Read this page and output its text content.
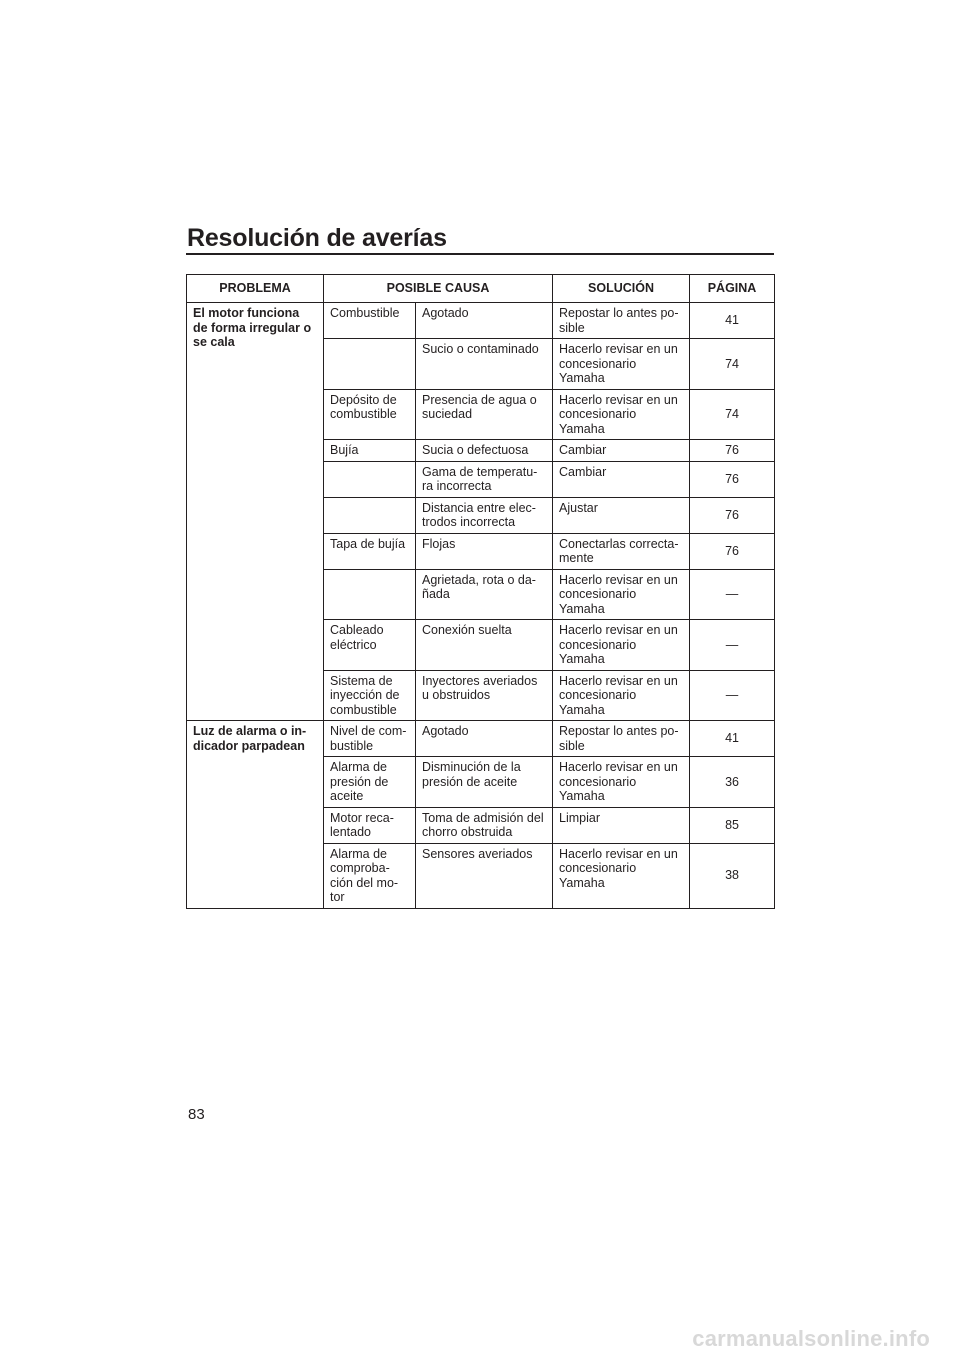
Resolución de averías
PROBLEMA	POSIBLE CAUSA		SOLUCIÓN	PÁGINA
El motor funciona de forma irregular o se cala	Combustible	Agotado	Repostar lo antes po-sible	41
		Sucio o contaminado	Hacerlo revisar en un concesionario Yamaha	74
	Depósito de combustible	Presencia de agua o suciedad	Hacerlo revisar en un concesionario Yamaha	74
	Bujía	Sucia o defectuosa	Cambiar	76
		Gama de temperatu-ra incorrecta	Cambiar	76
		Distancia entre elec-trodos incorrecta	Ajustar	76
	Tapa de bujía	Flojas	Conectarlas correcta-mente	76
		Agrietada, rota o da-ñada	Hacerlo revisar en un concesionario Yamaha	—
	Cableado eléctrico	Conexión suelta	Hacerlo revisar en un concesionario Yamaha	—
	Sistema de inyección de combustible	Inyectores averiados u obstruidos	Hacerlo revisar en un concesionario Yamaha	—
Luz de alarma o in-dicador parpadean	Nivel de com-bustible	Agotado	Repostar lo antes po-sible	41
	Alarma de presión de aceite	Disminución de la presión de aceite	Hacerlo revisar en un concesionario Yamaha	36
	Motor reca-lentado	Toma de admisión del chorro obstruida	Limpiar	85
	Alarma de comproba-ción del mo-tor	Sensores averiados	Hacerlo revisar en un concesionario Yamaha	38
83
carmanualsonline.info
